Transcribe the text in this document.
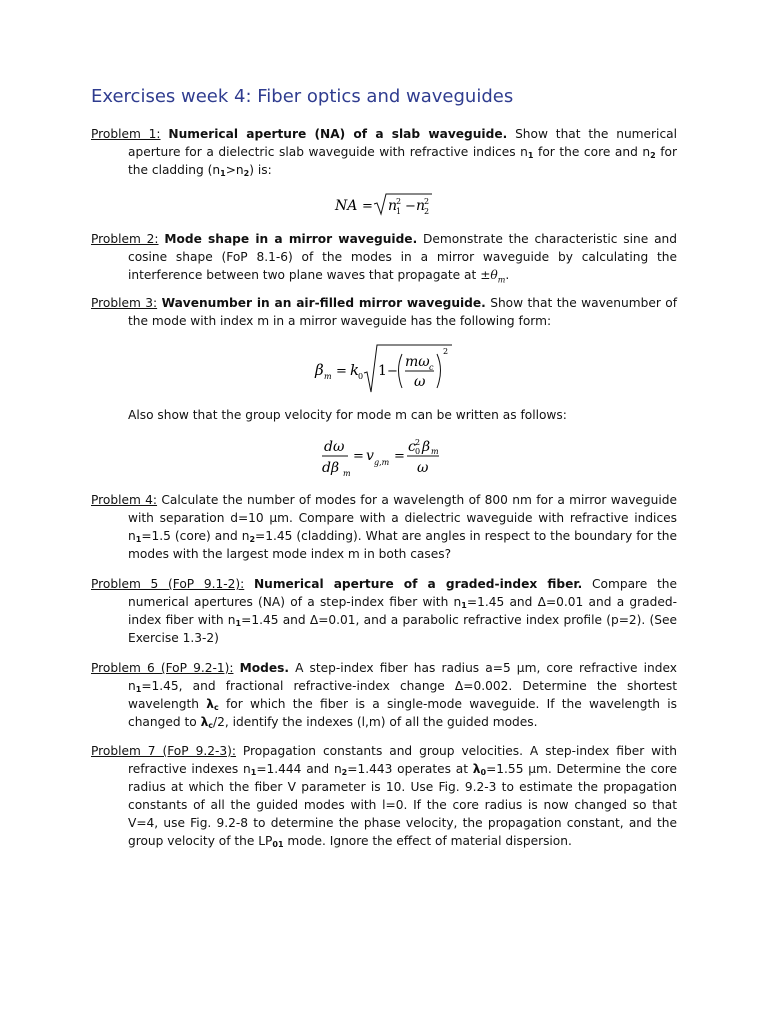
Exercises week 4: Fiber optics and waveguides
Problem 1: Numerical aperture (NA) of a slab waveguide. Show that the numerical aperture for a dielectric slab waveguide with refractive indices n1 for the core and n2 for the cladding (n1>n2) is:
NA = n
2
1 − n
2
2
Problem 2: Mode shape in a mirror waveguide. Demonstrate the characteristic sine and cosine shape (FoP 8.1-6) of the modes in a mirror waveguide by calculating the interference between two plane waves that propagate at $\pm\theta_m$.
Problem 3: Wavenumber in an air-filled mirror waveguide. Show that the wavenumber of the mode with index m in a mirror waveguide has the following form:
β m = k
0 1 −
mω c
ω
2
Also show that the group velocity for mode m can be written as follows:
dω
dβ m
= v g,m =
c 2
0 β m
ω
Problem 4: Calculate the number of modes for a wavelength of 800 nm for a mirror waveguide with separation d=10 µm. Compare with a dielectric waveguide with refractive indices n1=1.5 (core) and n2=1.45 (cladding). What are angles in respect to the boundary for the modes with the largest mode index m in both cases?
Problem 5 (FoP 9.1-2): Numerical aperture of a graded-index fiber. Compare the numerical apertures (NA) of a step-index fiber with n1=1.45 and Δ=0.01 and a graded-index fiber with n1=1.45 and Δ=0.01, and a parabolic refractive index profile (p=2). (See Exercise 1.3-2)
Problem 6 (FoP 9.2-1): Modes. A step-index fiber has radius a=5 µm, core refractive index n1=1.45, and fractional refractive-index change Δ=0.002. Determine the shortest wavelength λc for which the fiber is a single-mode waveguide. If the wavelength is changed to λc/2, identify the indexes (l,m) of all the guided modes.
Problem 7 (FoP 9.2-3): Propagation constants and group velocities. A step-index fiber with refractive indexes n1=1.444 and n2=1.443 operates at λ0=1.55 µm. Determine the core radius at which the fiber V parameter is 10. Use Fig. 9.2-3 to estimate the propagation constants of all the guided modes with l=0. If the core radius is now changed so that V=4, use Fig. 9.2-8 to determine the phase velocity, the propagation constant, and the group velocity of the LP01 mode. Ignore the effect of material dispersion.
